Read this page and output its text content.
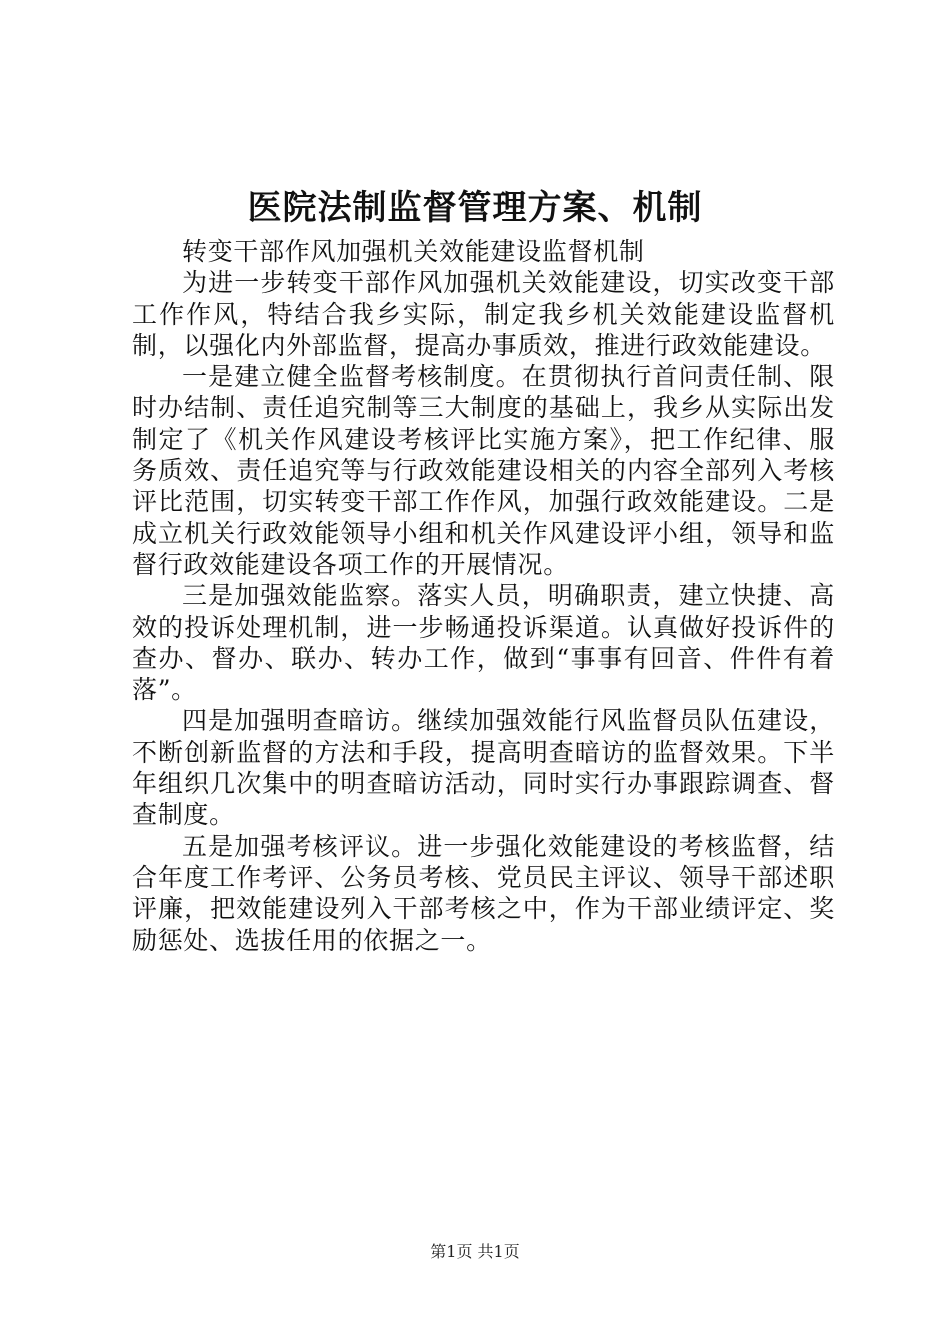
医院法制监督管理方案、机制

转变干部作风加强机关效能建设监督机制

为进一步转变干部作风加强机关效能建设，切实改变干部工作作风，特结合我乡实际，制定我乡机关效能建设监督机制，以强化内外部监督，提高办事质效，推进行政效能建设。

一是建立健全监督考核制度。在贯彻执行首问责任制、限时办结制、责任追究制等三大制度的基础上，我乡从实际出发制定了《机关作风建设考核评比实施方案》，把工作纪律、服务质效、责任追究等与行政效能建设相关的内容全部列入考核评比范围，切实转变干部工作作风，加强行政效能建设。二是成立机关行政效能领导小组和机关作风建设评小组，领导和监督行政效能建设各项工作的开展情况。

三是加强效能监察。落实人员，明确职责，建立快捷、高效的投诉处理机制，进一步畅通投诉渠道。认真做好投诉件的查办、督办、联办、转办工作，做到“事事有回音、件件有着落”。

四是加强明查暗访。继续加强效能行风监督员队伍建设，不断创新监督的方法和手段，提高明查暗访的监督效果。下半年组织几次集中的明查暗访活动，同时实行办事跟踪调查、督查制度。

五是加强考核评议。进一步强化效能建设的考核监督，结合年度工作考评、公务员考核、党员民主评议、领导干部述职评廉，把效能建设列入干部考核之中，作为干部业绩评定、奖励惩处、选拔任用的依据之一。

第1页 共1页
